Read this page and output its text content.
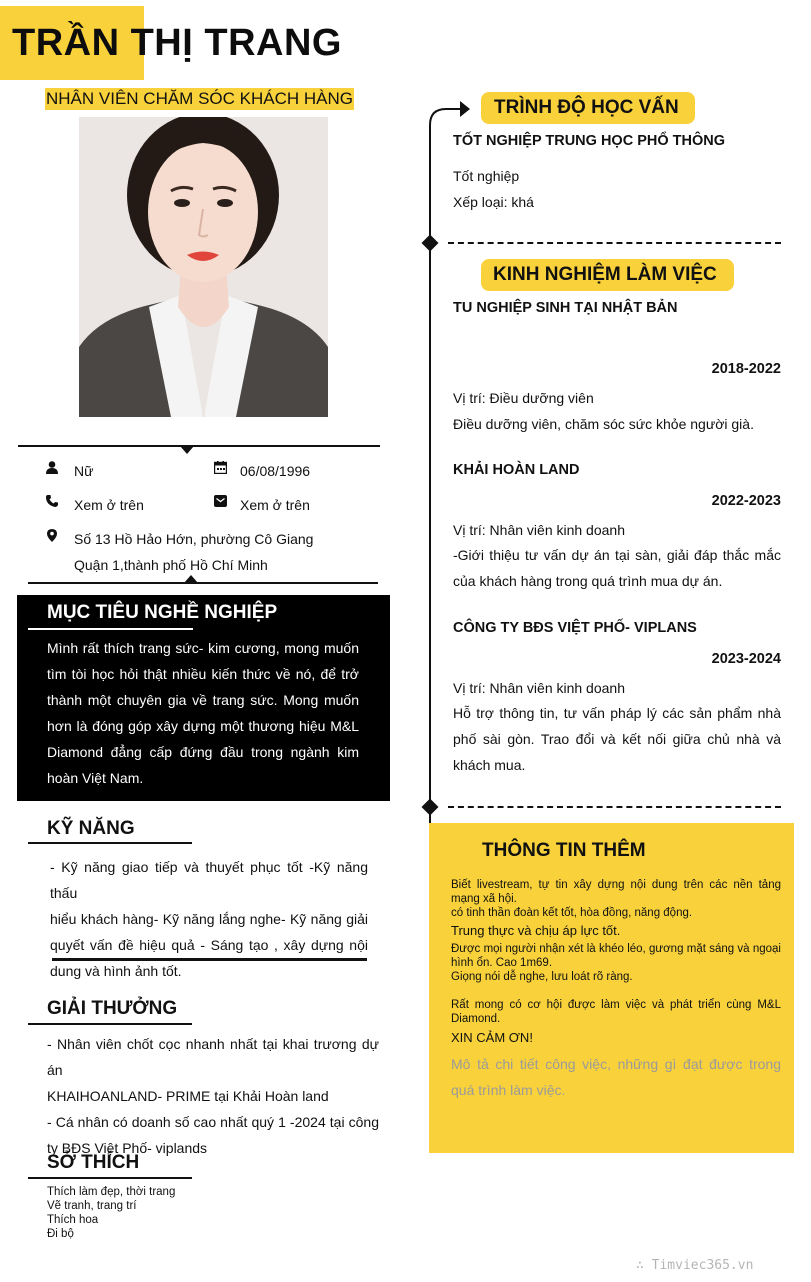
TRẦN THỊ TRANG
NHÂN VIÊN CHĂM SÓC KHÁCH HÀNG
Nữ	06/08/1996
Xem ở trên	Xem ở trên
Số 13 Hồ Hảo Hớn, phường Cô Giang
Quận 1,thành phố Hồ Chí Minh
MỤC TIÊU NGHỀ NGHIỆP
Mình rất thích trang sức- kim cương, mong muốn
tìm tòi học hỏi thật nhiều kiến thức về nó, để trở
thành một chuyên gia về trang sức. Mong muốn
hơn là đóng góp xây dựng một thương hiệu M&L
Diamond đẳng cấp đứng đầu trong ngành kim
hoàn Việt Nam.
KỸ NĂNG
- Kỹ năng giao tiếp và thuyết phục tốt -Kỹ năng thấu
hiểu khách hàng- Kỹ năng lắng nghe- Kỹ năng giải
quyết vấn đề hiệu quả - Sáng tạo , xây dựng nội
dung và hình ảnh tốt.
GIẢI THƯỞNG
- Nhân viên chốt cọc nhanh nhất tại khai trương dự án
KHAIHOANLAND- PRIME tại Khải Hoàn land
- Cá nhân có doanh số cao nhất quý 1 -2024 tại công
ty BĐS Việt Phố- viplands
SỞ THÍCH
Thích làm đẹp, thời trang
Vẽ tranh, trang trí
Thích hoa
Đi bộ
TRÌNH ĐỘ HỌC VẤN
TỐT NGHIỆP TRUNG HỌC PHỔ THÔNG
Tốt nghiệp
Xếp loại: khá
KINH NGHIỆM LÀM VIỆC
TU NGHIỆP SINH TẠI NHẬT BẢN
2018-2022
Vị trí: Điều dưỡng viên
Điều dưỡng viên, chăm sóc sức khỏe người già.
KHẢI HOÀN LAND
2022-2023
Vị trí: Nhân viên kinh doanh
-Giới thiệu tư vấn dự án tại sàn, giải đáp thắc mắc
của khách hàng trong quá trình mua dự án.
CÔNG TY BĐS VIỆT PHỐ- VIPLANS
2023-2024
Vị trí: Nhân viên kinh doanh
Hỗ trợ thông tin, tư vấn pháp lý các sản phẩm nhà
phố sài gòn. Trao đổi và kết nối giữa chủ nhà và
khách mua.
THÔNG TIN THÊM
Biết livestream, tự tin xây dựng nội dung trên các nền tảng mạng xã hội.
có tinh thần đoàn kết tốt, hòa đồng, năng động.
Trung thực và chịu áp lực tốt.
Được mọi người nhận xét là khéo léo, gương mặt sáng và ngoại hình ổn. Cao 1m69.
Giọng nói dễ nghe, lưu loát rõ ràng.
Rất mong có cơ hội được làm việc và phát triển cùng M&L Diamond.
XIN CẢM ƠN!
Mô tả chi tiết công việc, những gì đạt được trong
quá trình làm việc.
∴ Timviec365.vn
